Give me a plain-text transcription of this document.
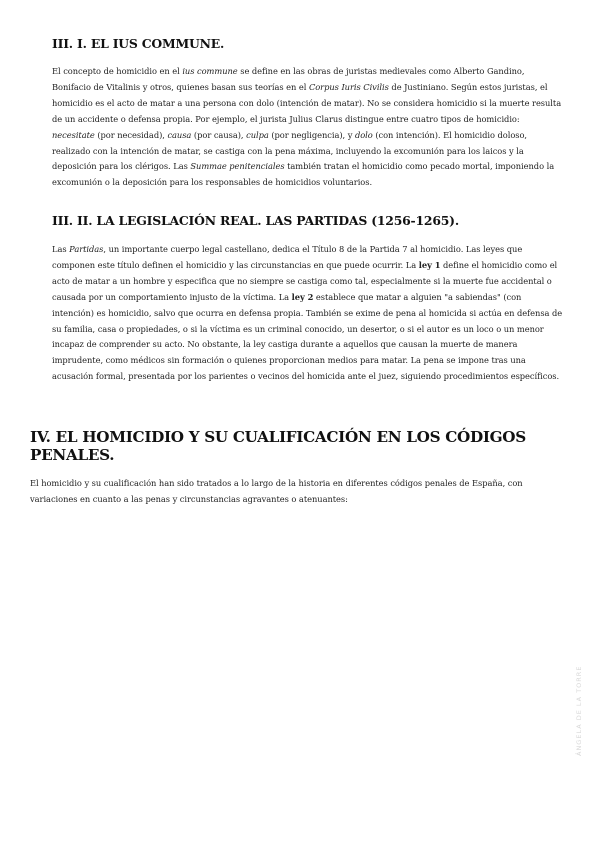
III. I. EL IUS COMMUNE.

El concepto de homicidio en el ius commune se define en las obras de juristas medievales como Alberto Gandino, Bonifacio de Vitalinis y otros, quienes basan sus teorías en el Corpus Iuris Civilis de Justiniano. Según estos juristas, el homicidio es el acto de matar a una persona con dolo (intención de matar). No se considera homicidio si la muerte resulta de un accidente o defensa propia. Por ejemplo, el jurista Julius Clarus distingue entre cuatro tipos de homicidio: necesitate (por necesidad), causa (por causa), culpa (por negligencia), y dolo (con intención). El homicidio doloso, realizado con la intención de matar, se castiga con la pena máxima, incluyendo la excomunión para los laicos y la deposición para los clérigos. Las Summae penitenciales también tratan el homicidio como pecado mortal, imponiendo la excomunión o la deposición para los responsables de homicidios voluntarios.

III. II. LA LEGISLACIÓN REAL. LAS PARTIDAS (1256-1265).

Las Partidas, un importante cuerpo legal castellano, dedica el Título 8 de la Partida 7 al homicidio. Las leyes que componen este título definen el homicidio y las circunstancias en que puede ocurrir. La ley 1 define el homicidio como el acto de matar a un hombre y especifica que no siempre se castiga como tal, especialmente si la muerte fue accidental o causada por un comportamiento injusto de la víctima. La ley 2 establece que matar a alguien "a sabiendas" (con intención) es homicidio, salvo que ocurra en defensa propia. También se exime de pena al homicida si actúa en defensa de su familia, casa o propiedades, o si la víctima es un criminal conocido, un desertor, o si el autor es un loco o un menor incapaz de comprender su acto. No obstante, la ley castiga durante a aquellos que causan la muerte de manera imprudente, como médicos sin formación o quienes proporcionan medios para matar. La pena se impone tras una acusación formal, presentada por los parientes o vecinos del homicida ante el juez, siguiendo procedimientos específicos.

IV. EL HOMICIDIO Y SU CUALIFICACIÓN EN LOS CÓDIGOS PENALES.

El homicidio y su cualificación han sido tratados a lo largo de la historia en diferentes códigos penales de España, con variaciones en cuanto a las penas y circunstancias agravantes o atenuantes:

ÁNGELA DE LA TORRE
